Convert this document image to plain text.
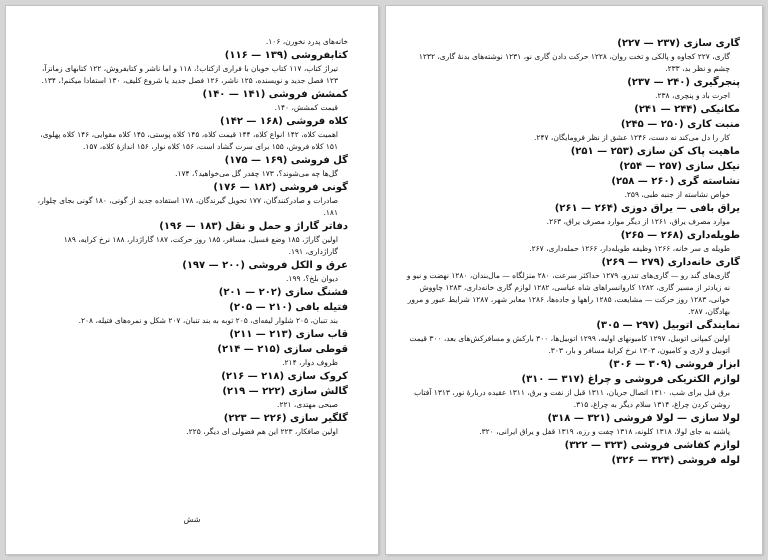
خانه‌های پدرد نخورن، ۱۰۶.
کتابفروشی (۱۳۹ — ۱۱۶)
تیراژ کتاب، ۱۱۷ کتاب خوبان با فراری ازکتاب!، ۱۱۸ و اما ناشر و کتابفروش، ۱۲۲ کتابهای زمانزآ، ۱۲۳ فصل جدید و نویسنده، ۱۲۵ ناشر، ۱۲۶ فصل جدید یا شروع کلیف، ۱۳۰ استفادا میکنم!، ۱۳۴.
کمشش فروشی (۱۴۱ — ۱۴۰)
قیمت کمشش، ۱۴۰.
کلاه فروشی (۱۶۸ — ۱۴۲)
اهمیت کلاه، ۱۴۲ انواع کلاه، ۱۴۴ قیمت کلاه، ۱۴۵ کلاه پوستی، ۱۴۵ کلاه مقوایی، ۱۴۶ کلاه پهلوی، ۱۵۱ کلاه فروش، ۱۵۵ برای سرت گشاد است، ۱۵۶ کلاه نوار، ۱۵۶ اندازهٔ کلاه، ۱۵۷.
گل فروشی (۱۶۹ — ۱۷۵)
گل‌ها چه می‌شوند؟، ۱۷۳ چقدر گل می‌خواهید؟، ۱۷۴.
گونی فروشی (۱۸۲ — ۱۷۶)
صادرات و صادرکنندگان، ۱۷۷ تحویل گیرندگان، ۱۷۸ استفاده جدید از گونی، ۱۸۰ گونی بجای چلوار، ۱۸۱.
دفاتر گاراژ و حمل و نقل (۱۸۳ — ۱۹۶)
اولین گاراژ، ۱۸۵ وضع قسیل، مسافر، ۱۸۵ روز حرکت، ۱۸۷ گاراژدار، ۱۸۸ نرخ کرایه، ۱۸۹ گاراژداری، ۱۹۱.
عرق و الکل فروشی (۲۰۰ — ۱۹۷)
دیوان بلخ؟، ۱۹۹.
فشنگ سازی (۲۰۲ — ۲۰۱)
فتیله بافی (۲۱۰ — ۲۰۵)
بند تنبان، ۲۰۵ شلوار لیفه‌ای، ۲۰۵ توبه به بند تنبان، ۲۰۷ شکل و نمره‌های فتیله، ۲۰۸.
قاب سازی (۲۱۳ — ۲۱۱)
قوطی سازی (۲۱۵ — ۲۱۴)
ظروف دوار، ۲۱۴.
کروک سازی (۲۱۸ — ۲۱۶)
گالش سازی (۲۲۲ — ۲۱۹)
صبحی مهتدی، ۲۲۱.
گلگیر سازی (۲۲۶ — ۲۲۳)
اولین صافکار، ۲۲۳ این هم فضولی ای دیگر، ۲۲۵.
شش
گاری سازی (۲۳۷ — ۲۲۷)
گاری، ۲۲۷ کجاوه و پالکی و تخت روان، ۱۲۲۸ حرکت دادن گاری نو، ۱۲۳۱ نوشته‌های بدنهٔ گاری، ۱۲۳۲ چشم و نظر بد، ۲۳۳.
پنجرگیری (۲۴۰ — ۲۳۷)
اجرت باد و پنچری، ۲۳۸.
مکانیکی (۲۴۴ — ۲۴۱)
منبت کاری (۲۵۰ — ۲۴۵)
کار را دل می‌کند نه دست، ۱۲۴۶ عشق از نظر فرومایگان، ۲۴۷.
ماهیت پاک کن سازی (۲۵۳ — ۲۵۱)
نیکل سازی (۲۵۷ — ۲۵۴)
نشاسته گری (۲۶۰ — ۲۵۸)
خواص نشاسته از جنبه طبی، ۲۵۹.
یراق بافی — یراق دوزی (۲۶۴ — ۲۶۱)
موارد مصرف یراق، ۱۲۶۱ از دیگر موارد مصرف یراق، ۲۶۳.
طویله‌داری (۲۶۸ — ۲۶۵)
طویله ی سر خانه، ۱۲۶۶ وظیفه طویله‌دار، ۱۲۶۶ حمله‌داری، ۲۶۷.
گاری خانه‌داری (۲۷۹ — ۲۶۹)
گاری‌های گند رو — گاری‌های تندرو، ۱۲۷۹ حداکثر سرعت، ۲۸۰ منزلگاه — مال‌بندان، ۱۲۸۰ نهضت و نیو و نه زیادتر از مسیر گاری، ۱۲۸۲ کاروانسراهای شاه عباسی، ۱۲۸۲ لوازم گاری خانه‌داری، ۱۲۸۳ چاووش خوانی، ۱۲۸۳ روز حرکت — مشایعت، ۱۲۸۵ راهها و جاده‌ها، ۱۲۸۶ معابر شهر، ۱۲۸۷ شرایط عبور و مرور بهادگان، ۲۸۷.
نمایندگی اتوبیل (۲۹۷ — ۳۰۵)
اولین کمپانی اتوبیل، ۱۲۹۷ کامیونهای اولیه، ۱۲۹۹ اتوبیل‌ها، ۳۰۰ بارکش و مسافرکش‌های بعد، ۳۰۰ قیمت اتوبیل و لاری و کامیون، ۱۳۰۳ نرخ کرایهٔ مسافر و بار، ۳۰۳.
ابزار فروشی (۳۰۹ — ۳۰۶)
لوازم الکتریکی فروشی و چراغ (۳۱۷ — ۳۱۰)
برق قبل برای شب، ۱۳۱۰ اتصال جریان، ۱۳۱۱ قبل از نفت و برق، ۱۳۱۱ عقیده دربارهٔ نور، ۱۳۱۳ آفتاب روشن کردن چراغ، ۱۳۱۴ سلام دیگر به چراغ، ۳۱۵.
لولا سازی — لولا فروشی (۳۲۱ — ۳۱۸)
پاشنه به جای لولا، ۱۳۱۸ کلونه، ۱۳۱۸ چفت و رزه، ۱۳۱۹ قفل و یراق ایرانی، ۳۲۰.
لوازم کفاشی فروشی (۳۲۳ — ۳۲۲)
لوله فروشی (۳۲۴ — ۳۲۶)
